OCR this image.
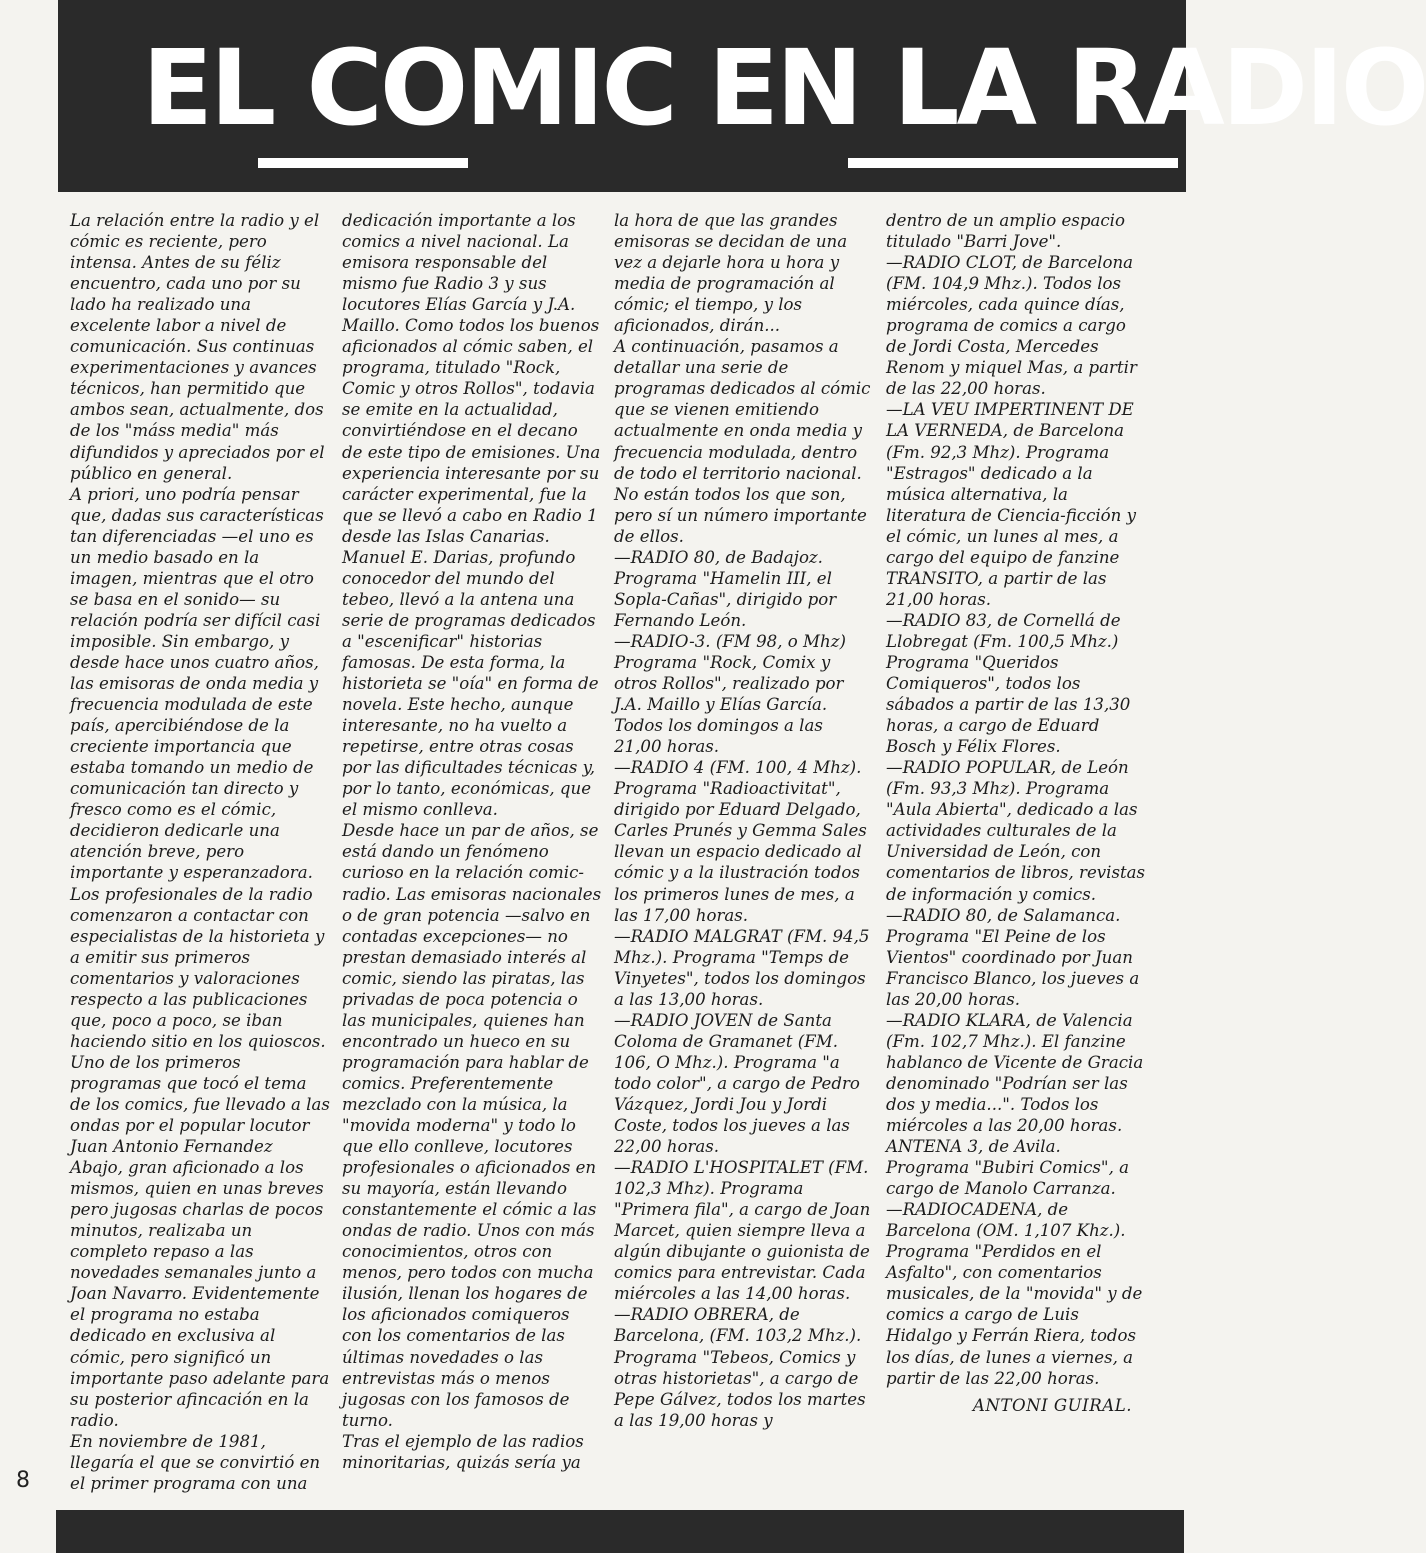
EL COMIC EN LA RADIO

La relación entre la radio y el cómic es reciente, pero intensa. Antes de su féliz encuentro, cada uno por su lado ha realizado una excelente labor a nivel de comunicación. Sus continuas experimentaciones y avances técnicos, han permitido que ambos sean, actualmente, dos de los "máss media" más difundidos y apreciados por el público en general.

A priori, uno podría pensar que, dadas sus características tan diferenciadas —el uno es un medio basado en la imagen, mientras que el otro se basa en el sonido— su relación podría ser difícil casi imposible. Sin embargo, y desde hace unos cuatro años, las emisoras de onda media y frecuencia modulada de este país, apercibiéndose de la creciente importancia que estaba tomando un medio de comunicación tan directo y fresco como es el cómic, decidieron dedicarle una atención breve, pero importante y esperanzadora.

Los profesionales de la radio comenzaron a contactar con especialistas de la historieta y a emitir sus primeros comentarios y valoraciones respecto a las publicaciones que, poco a poco, se iban haciendo sitio en los quioscos. Uno de los primeros programas que tocó el tema de los comics, fue llevado a las ondas por el popular locutor Juan Antonio Fernandez Abajo, gran aficionado a los mismos, quien en unas breves pero jugosas charlas de pocos minutos, realizaba un completo repaso a las novedades semanales junto a Joan Navarro. Evidentemente el programa no estaba dedicado en exclusiva al cómic, pero significó un importante paso adelante para su posterior afincación en la radio.

En noviembre de 1981, llegaría el que se convirtió en el primer programa con una

dedicación importante a los comics a nivel nacional. La emisora responsable del mismo fue Radio 3 y sus locutores Elías García y J.A. Maillo. Como todos los buenos aficionados al cómic saben, el programa, titulado "Rock, Comic y otros Rollos", todavia se emite en la actualidad, convirtiéndose en el decano de este tipo de emisiones. Una experiencia interesante por su carácter experimental, fue la que se llevó a cabo en Radio 1 desde las Islas Canarias. Manuel E. Darias, profundo conocedor del mundo del tebeo, llevó a la antena una serie de programas dedicados a "escenificar" historias famosas. De esta forma, la historieta se "oía" en forma de novela. Este hecho, aunque interesante, no ha vuelto a repetirse, entre otras cosas por las dificultades técnicas y, por lo tanto, económicas, que el mismo conlleva.

Desde hace un par de años, se está dando un fenómeno curioso en la relación comic-radio. Las emisoras nacionales o de gran potencia —salvo en contadas excepciones— no prestan demasiado interés al comic, siendo las piratas, las privadas de poca potencia o las municipales, quienes han encontrado un hueco en su programación para hablar de comics. Preferentemente mezclado con la música, la "movida moderna" y todo lo que ello conlleve, locutores profesionales o aficionados en su mayoría, están llevando constantemente el cómic a las ondas de radio. Unos con más conocimientos, otros con menos, pero todos con mucha ilusión, llenan los hogares de los aficionados comiqueros con los comentarios de las últimas novedades o las entrevistas más o menos jugosas con los famosos de turno.

Tras el ejemplo de las radios minoritarias, quizás sería ya

la hora de que las grandes emisoras se decidan de una vez a dejarle hora u hora y media de programación al cómic; el tiempo, y los aficionados, dirán...

A continuación, pasamos a detallar una serie de programas dedicados al cómic que se vienen emitiendo actualmente en onda media y frecuencia modulada, dentro de todo el territorio nacional.

No están todos los que son, pero sí un número importante de ellos.

—RADIO 80, de Badajoz. Programa "Hamelin III, el Sopla-Cañas", dirigido por Fernando León.

—RADIO-3. (FM 98, o Mhz) Programa "Rock, Comix y otros Rollos", realizado por J.A. Maillo y Elías García. Todos los domingos a las 21,00 horas.

—RADIO 4 (FM. 100, 4 Mhz). Programa "Radioactivitat", dirigido por Eduard Delgado, Carles Prunés y Gemma Sales llevan un espacio dedicado al cómic y a la ilustración todos los primeros lunes de mes, a las 17,00 horas.

—RADIO MALGRAT (FM. 94,5 Mhz.). Programa "Temps de Vinyetes", todos los domingos a las 13,00 horas.

—RADIO JOVEN de Santa Coloma de Gramanet (FM. 106, O Mhz.). Programa "a todo color", a cargo de Pedro Vázquez, Jordi Jou y Jordi Coste, todos los jueves a las 22,00 horas.

—RADIO L'HOSPITALET (FM. 102,3 Mhz). Programa "Primera fila", a cargo de Joan Marcet, quien siempre lleva a algún dibujante o guionista de comics para entrevistar. Cada miércoles a las 14,00 horas.

—RADIO OBRERA, de Barcelona, (FM. 103,2 Mhz.). Programa "Tebeos, Comics y otras historietas", a cargo de Pepe Gálvez, todos los martes a las 19,00 horas y

dentro de un amplio espacio titulado "Barri Jove".

—RADIO CLOT, de Barcelona (FM. 104,9 Mhz.). Todos los miércoles, cada quince días, programa de comics a cargo de Jordi Costa, Mercedes Renom y miquel Mas, a partir de las 22,00 horas.

—LA VEU IMPERTINENT DE LA VERNEDA, de Barcelona (Fm. 92,3 Mhz). Programa "Estragos" dedicado a la música alternativa, la literatura de Ciencia-ficción y el cómic, un lunes al mes, a cargo del equipo de fanzine TRANSITO, a partir de las 21,00 horas.

—RADIO 83, de Cornellá de Llobregat (Fm. 100,5 Mhz.) Programa "Queridos Comiqueros", todos los sábados a partir de las 13,30 horas, a cargo de Eduard Bosch y Félix Flores.

—RADIO POPULAR, de León (Fm. 93,3 Mhz). Programa "Aula Abierta", dedicado a las actividades culturales de la Universidad de León, con comentarios de libros, revistas de información y comics.

—RADIO 80, de Salamanca. Programa "El Peine de los Vientos" coordinado por Juan Francisco Blanco, los jueves a las 20,00 horas.

—RADIO KLARA, de Valencia (Fm. 102,7 Mhz.). El fanzine hablanco de Vicente de Gracia denominado "Podrían ser las dos y media...". Todos los miércoles a las 20,00 horas.

ANTENA 3, de Avila. Programa "Bubiri Comics", a cargo de Manolo Carranza.

—RADIOCADENA, de Barcelona (OM. 1,107 Khz.). Programa "Perdidos en el Asfalto", con comentarios musicales, de la "movida" y de comics a cargo de Luis Hidalgo y Ferrán Riera, todos los días, de lunes a viernes, a partir de las 22,00 horas.

ANTONI GUIRAL.

8
